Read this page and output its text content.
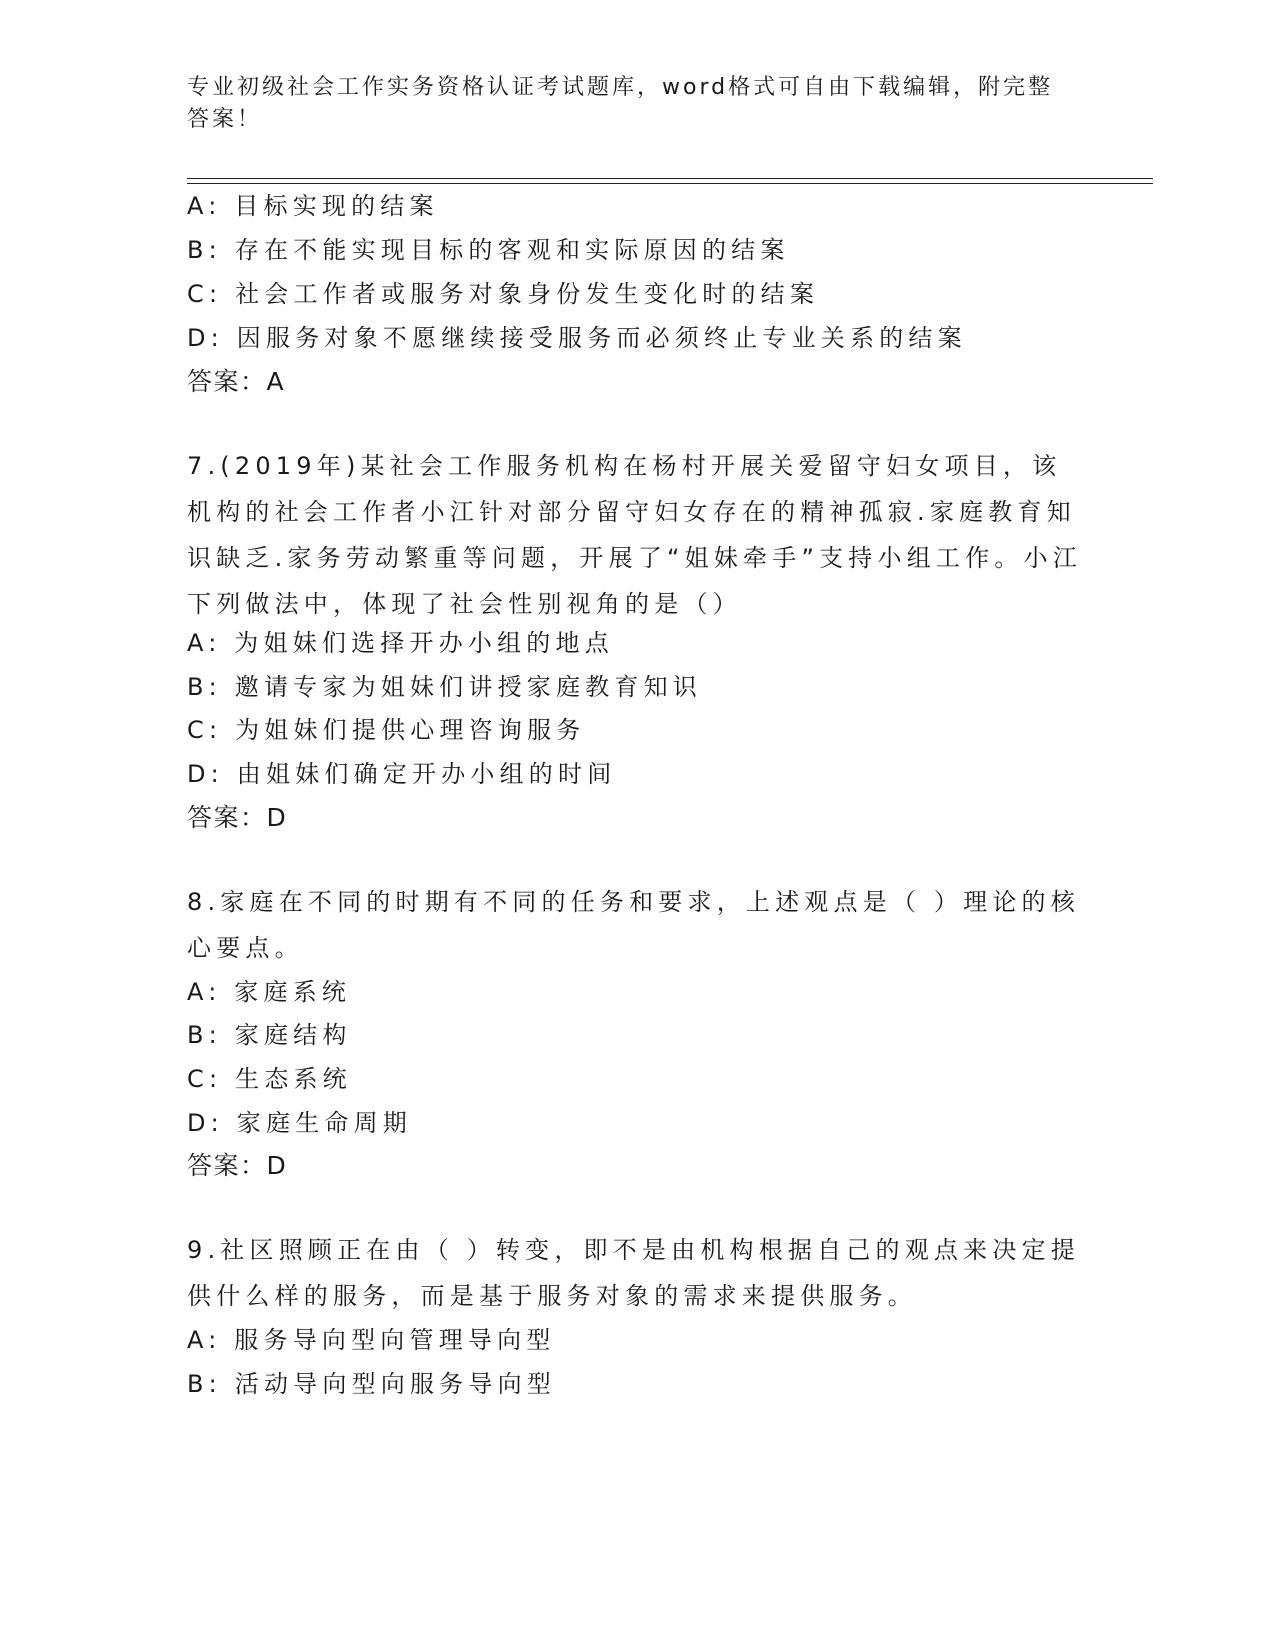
专业初级社会工作实务资格认证考试题库，word格式可自由下载编辑，附完整答案！
A: 目标实现的结案
B: 存在不能实现目标的客观和实际原因的结案
C: 社会工作者或服务对象身份发生变化时的结案
D: 因服务对象不愿继续接受服务而必须终止专业关系的结案
答案：A
7.(2019年)某社会工作服务机构在杨村开展关爱留守妇女项目，该机构的社会工作者小江针对部分留守妇女存在的精神孤寂.家庭教育知识缺乏.家务劳动繁重等问题，开展了“姐妹牵手”支持小组工作。小江下列做法中，体现了社会性别视角的是（）
A: 为姐妹们选择开办小组的地点
B: 邀请专家为姐妹们讲授家庭教育知识
C: 为姐妹们提供心理咨询服务
D: 由姐妹们确定开办小组的时间
答案：D
8.家庭在不同的时期有不同的任务和要求，上述观点是（ ）理论的核心要点。
A: 家庭系统
B: 家庭结构
C: 生态系统
D: 家庭生命周期
答案：D
9.社区照顾正在由（ ）转变，即不是由机构根据自己的观点来决定提供什么样的服务，而是基于服务对象的需求来提供服务。
A: 服务导向型向管理导向型
B: 活动导向型向服务导向型
